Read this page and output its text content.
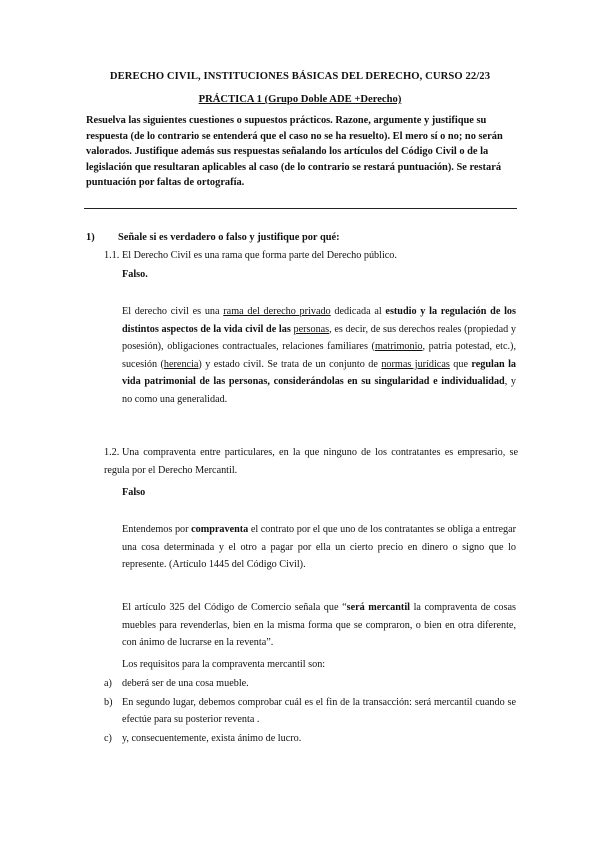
DERECHO CIVIL, INSTITUCIONES BÁSICAS DEL DERECHO, CURSO 22/23
PRÁCTICA 1 (Grupo Doble ADE +Derecho)
Resuelva las siguientes cuestiones o supuestos prácticos. Razone, argumente y justifique su respuesta (de lo contrario se entenderá que el caso no se ha resuelto). El mero sí o no; no serán valorados. Justifique además sus respuestas señalando los artículos del Código Civil o de la legislación que resultaran aplicables al caso (de lo contrario se restará puntuación). Se restará puntuación por faltas de ortografía.
1) Señale si es verdadero o falso y justifique por qué:
1.1. El Derecho Civil es una rama que forma parte del Derecho público.
Falso.
El derecho civil es una rama del derecho privado dedicada al estudio y la regulación de los distintos aspectos de la vida civil de las personas, es decir, de sus derechos reales (propiedad y posesión), obligaciones contractuales, relaciones familiares (matrimonio, patria potestad, etc.), sucesión (herencia) y estado civil. Se trata de un conjunto de normas jurídicas que regulan la vida patrimonial de las personas, considerándolas en su singularidad e individualidad, y no como una generalidad.
1.2. Una compraventa entre particulares, en la que ninguno de los contratantes es empresario, se regula por el Derecho Mercantil.
Falso
Entendemos por compraventa el contrato por el que uno de los contratantes se obliga a entregar una cosa determinada y el otro a pagar por ella un cierto precio en dinero o signo que lo represente. (Artículo 1445 del Código Civil).
El artículo 325 del Código de Comercio señala que “será mercantil la compraventa de cosas muebles para revenderlas, bien en la misma forma que se compraron, o bien en otra diferente, con ánimo de lucrarse en la reventa”.
Los requisitos para la compraventa mercantil son:
a) deberá ser de una cosa mueble.
b) En segundo lugar, debemos comprobar cuál es el fin de la transacción: será mercantil cuando se efectúe para su posterior reventa .
c) y, consecuentemente, exista ánimo de lucro.
